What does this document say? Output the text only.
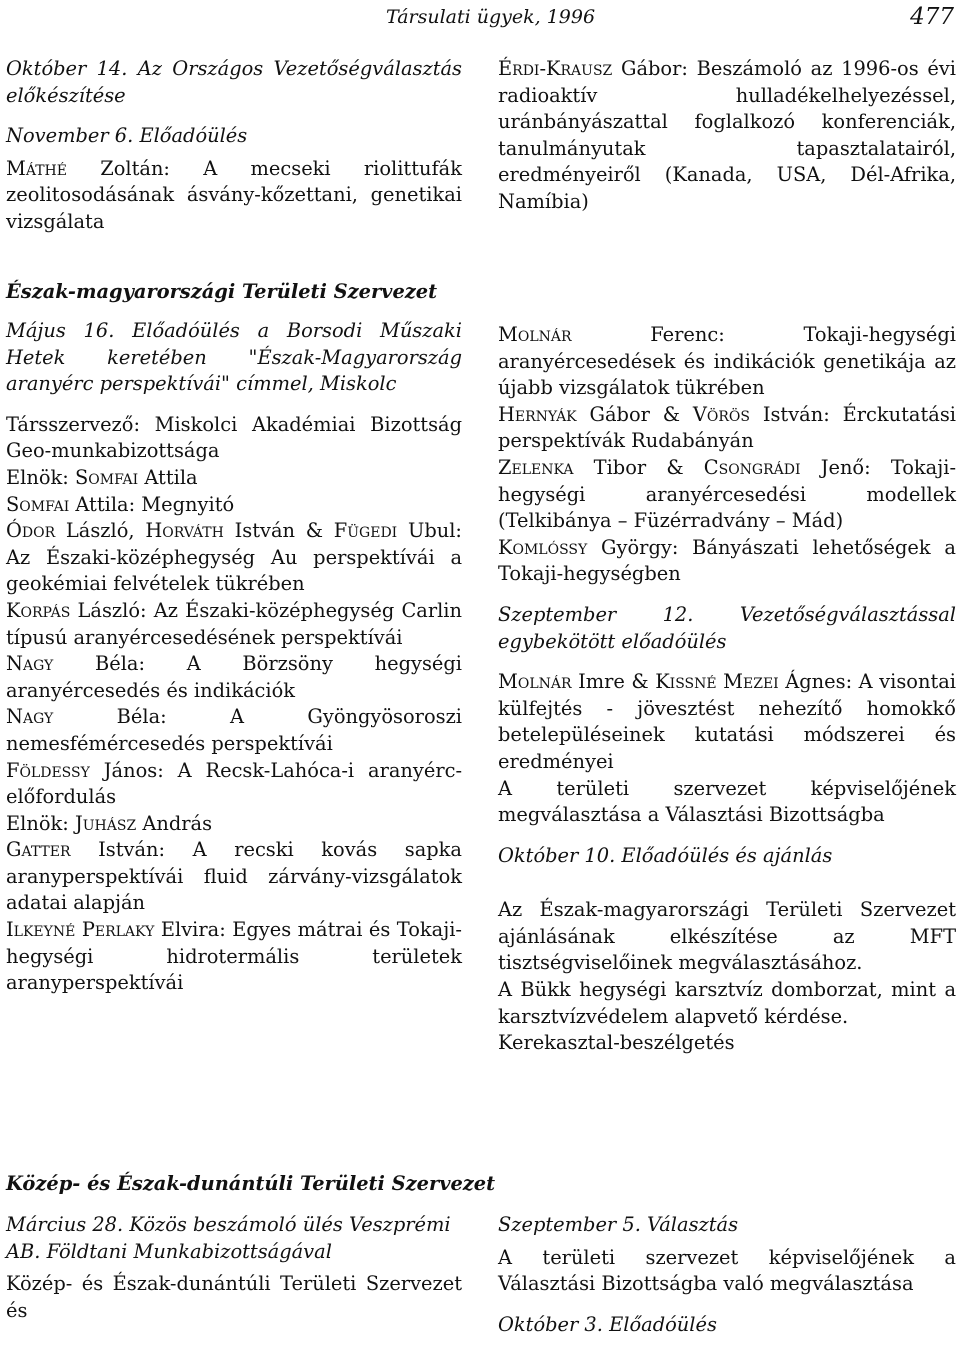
Társulati ügyek, 1996	477

Október 14. Az Országos Vezetőségválasztás előkészítése

November 6. Előadóülés

Máthé Zoltán: A mecseki riolittufák zeolitosodásának ásvány-kőzettani, genetikai vizsgálata

Észak-magyarországi Területi Szervezet

Május 16. Előadóülés a Borsodi Műszaki Hetek keretében "Észak-Magyarország aranyérc perspektívái" címmel, Miskolc

Társszervező: Miskolci Akadémiai Bizottság Geo-munkabizottsága

Elnök: Somfai Attila

Somfai Attila: Megnyitó

Ódor László, Horváth István & Fügedi Ubul: Az Északi-középhegység Au perspektívái a geokémiai felvételek tükrében

Korpás László: Az Északi-középhegység Carlin típusú aranyércesedésének perspektívái

Nagy Béla: A Börzsöny hegységi aranyércesedés és indikációk

Nagy Béla: A Gyöngyösoroszi nemesfémércesedés perspektívái

Földessy János: A Recsk-Lahóca-i aranyérc-előfordulás

Elnök: Juhász András

Gatter István: A recski kovás sapka aranyperspektívái fluid zárvány-vizsgálatok adatai alapján

Ilkeyné Perlaky Elvira: Egyes mátrai és Tokaji-hegységi hidrotermális területek aranyperspektívái

Érdi-Krausz Gábor: Beszámoló az 1996-os évi radioaktív hulladékelhelyezéssel, uránbányászattal foglalkozó konferenciák, tanulmányutak tapasztalatairól, eredményeiről (Kanada, USA, Dél-Afrika, Namíbia)

Molnár Ferenc: Tokaji-hegységi aranyércesedések és indikációk genetikája az újabb vizsgálatok tükrében

Hernyák Gábor & Vörös István: Érckutatási perspektívák Rudabányán

Zelenka Tibor & Csongrádi Jenő: Tokaji-hegységi aranyércesedési modellek (Telkibánya – Füzérradvány – Mád)

Komlóssy György: Bányászati lehetőségek a Tokaji-hegységben

Szeptember 12. Vezetőségválasztással egybekötött előadóülés

Molnár Imre & Kissné Mezei Ágnes: A visontai külfejtés - jövesztést nehezítő homokkő betelepüléseinek kutatási módszerei és eredményei

A területi szervezet képviselőjének megválasztása a Választási Bizottságba

Október 10. Előadóülés és ajánlás

Az Észak-magyarországi Területi Szervezet ajánlásának elkészítése az MFT tisztségviselőinek megválasztásához.

A Bükk hegységi karsztvíz domborzat, mint a karsztvízvédelem alapvető kérdése.

Kerekasztal-beszélgetés

Közép- és Észak-dunántúli Területi Szervezet

Március 28. Közös beszámoló ülés Veszprémi AB. Földtani Munkabizottságával

Közép- és Észak-dunántúli Területi Szervezet és

Szeptember 5. Választás

A területi szervezet képviselőjének a Választási Bizottságba való megválasztása

Október 3. Előadóülés
